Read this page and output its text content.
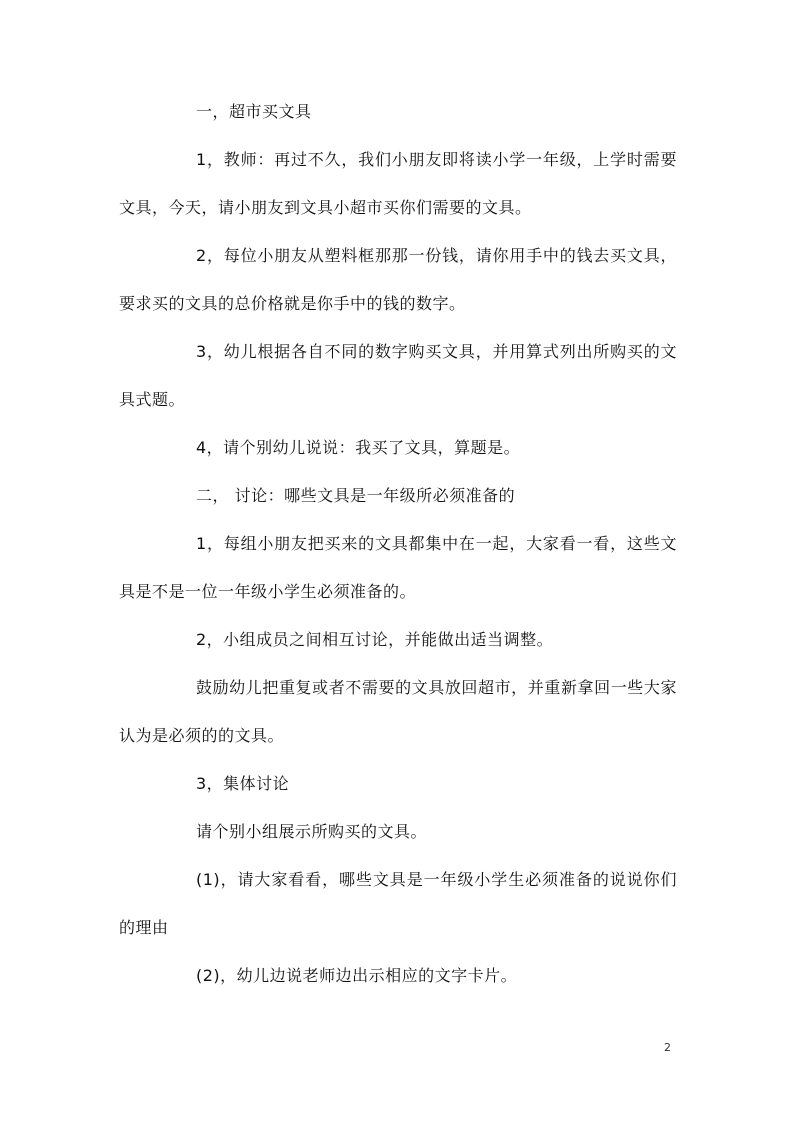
一，超市买文具

1，教师：再过不久，我们小朋友即将读小学一年级，上学时需要文具，今天，请小朋友到文具小超市买你们需要的文具。

2，每位小朋友从塑料框那那一份钱，请你用手中的钱去买文具，要求买的文具的总价格就是你手中的钱的数字。

3，幼儿根据各自不同的数字购买文具，并用算式列出所购买的文具式题。

4，请个别幼儿说说：我买了文具，算题是。

二， 讨论：哪些文具是一年级所必须准备的

1，每组小朋友把买来的文具都集中在一起，大家看一看，这些文具是不是一位一年级小学生必须准备的。

2，小组成员之间相互讨论，并能做出适当调整。

鼓励幼儿把重复或者不需要的文具放回超市，并重新拿回一些大家认为是必须的的文具。

3，集体讨论

请个别小组展示所购买的文具。

(1)，请大家看看，哪些文具是一年级小学生必须准备的说说你们的理由

(2)，幼儿边说老师边出示相应的文字卡片。

2
